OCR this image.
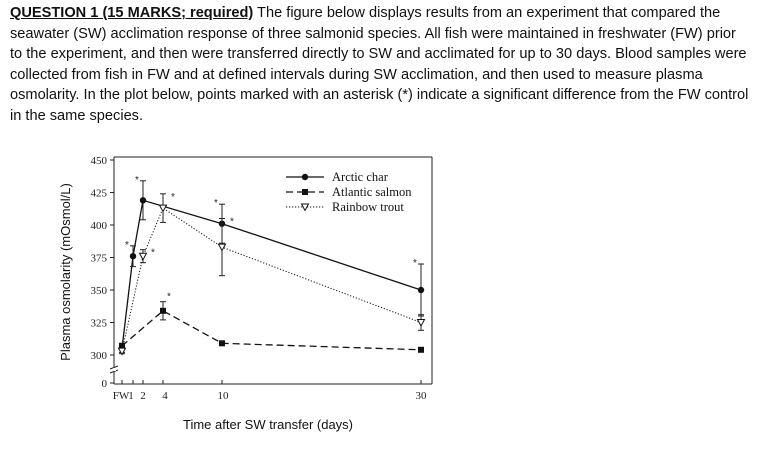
QUESTION 1 (15 MARKS; required) The figure below displays results from an experiment that compared the seawater (SW) acclimation response of three salmonid species. All fish were maintained in freshwater (FW) prior to the experiment, and then were transferred directly to SW and acclimated for up to 30 days. Blood samples were collected from fish in FW and at defined intervals during SW acclimation, and then used to measure plasma osmolarity. In the plot below, points marked with an asterisk (*) indicate a significant difference from the FW control in the same species.
0
300
325
350
375
400
425
450
FW 1 2 4	10	30
Time after SW transfer (days)
Plasma osmolarity (mOsmol/L)	*
*
*
*
*
*
*
*
Arctic char
Atlantic salmon
Rainbow trout
